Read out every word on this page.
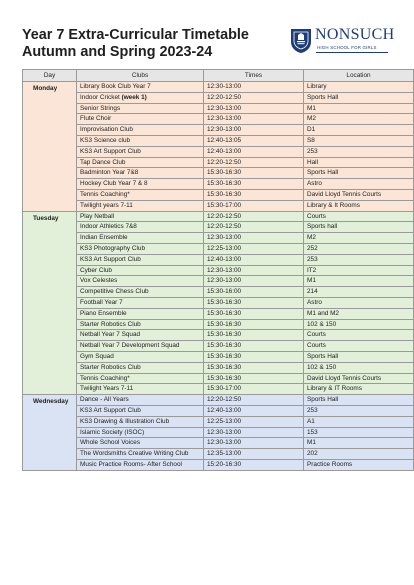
Year 7 Extra-Curricular Timetable
Autumn and Spring 2023-24
NONSUCH
HIGH SCHOOL FOR GIRLS
Day	Clubs	Times	Location
Monday	Library Book Club Year 7	12:30-13:00	Library
	Indoor Cricket (week 1)	12:20-12:50	Sports Hall
	Senior Strings	12:30-13:00	M1
	Flute Choir	12:30-13:00	M2
	Improvisation Club	12:30-13:00	D1
	KS3 Science club	12:40-13:05	S8
	KS3 Art Support Club	12:40-13:00	253
	Tap Dance Club	12:20-12:50	Hall
	Badminton Year 7&8	15:30-16:30	Sports Hall
	Hockey Club Year 7 & 8	15:30-16:30	Astro
	Tennis Coaching*	15:30-16:30	David Lloyd Tennis Courts
	Twilight years 7-11	15:30-17:00	Library & It Rooms
Tuesday	Play Netball	12:20-12:50	Courts
	Indoor Athletics 7&8	12:20-12:50	Sports hall
	Indian Ensemble	12:30-13:00	M2
	KS3 Photography Club	12:25-13:00	252
	KS3 Art Support Club	12:40-13:00	253
	Cyber Club	12:30-13:00	IT2
	Vox Celestes	12:30-13:00	M1
	Competitive Chess Club	15:30-16:00	214
	Football Year 7	15:30-16:30	Astro
	Piano Ensemble	15:30-16:30	M1 and M2
	Starter Robotics Club	15:30-16:30	102 & 150
	Netball Year 7 Squad	15:30-16:30	Courts
	Netball Year 7 Development Squad	15:30-16:30	Courts
	Gym Squad	15:30-16:30	Sports Hall
	Starter Robotics Club	15:30-16:30	102 & 150
	Tennis Coaching*	15:30-16:30	David Lloyd Tennis Courts
	Twilight Years 7-11	15:30-17:00	Library & IT Rooms
Wednesday	Dance - All Years	12:20-12:50	Sports Hall
	KS3 Art Support Club	12:40-13:00	253
	KS3 Drawing & Illustration Club	12:25-13:00	A1
	Islamic Society (ISOC)	12:30-13:00	153
	Whole School Voices	12:30-13:00	M1
	The Wordsmiths Creative Writing Club	12:35-13:00	202
	Music Practice Rooms- After School	15:20-16:30	Practice Rooms
